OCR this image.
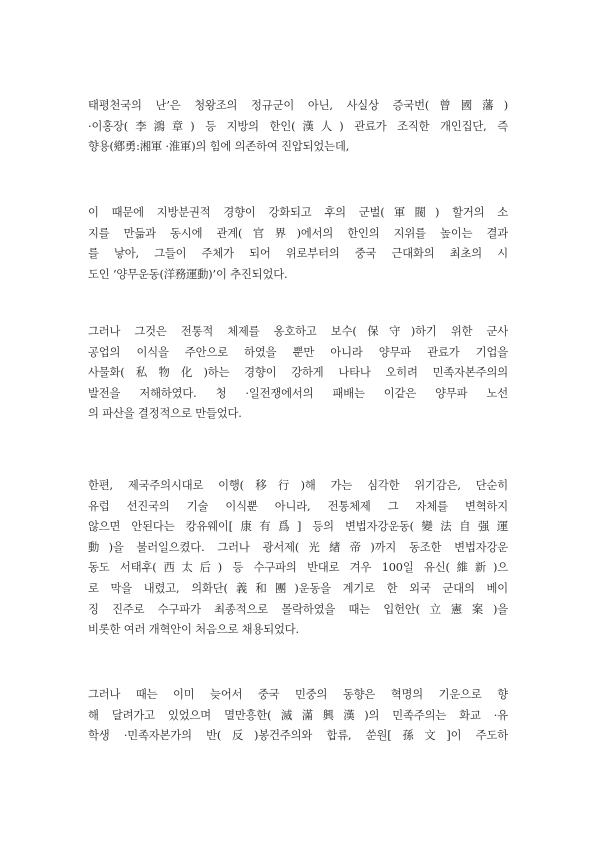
태평천국의 난’은 청왕조의 정규군이 아닌, 사실상 증국번(曾國藩)
·이홍장(李鴻章) 등 지방의 한인(漢人) 관료가 조직한 개인집단, 즉
향용(鄕勇:湘軍 ·淮軍)의 힘에 의존하여 진압되었는데,
이 때문에 지방분권적 경향이 강화되고 후의 군벌(軍閥) 할거의 소
지를 만듦과 동시에 관계(官界)에서의 한인의 지위를 높이는 결과
를 낳아, 그들이 주체가 되어 위로부터의 중국 근대화의 최초의 시
도인 ‘양무운동(洋務運動)’이 추진되었다.
그러나 그것은 전통적 체제를 옹호하고 보수(保守)하기 위한 군사
공업의 이식을 주안으로 하였을 뿐만 아니라 양무파 관료가 기업을
사물화(私物化)하는 경향이 강하게 나타나 오히려 민족자본주의의
발전을 저해하였다. 청 ·일전쟁에서의 패배는 이같은 양무파 노선
의 파산을 결정적으로 만들었다.
한편, 제국주의시대로 이행(移行)해 가는 심각한 위기감은, 단순히
유럽 선진국의 기술 이식뿐 아니라, 전통체제 그 자체를 변혁하지
않으면 안된다는 캉유웨이[康有爲] 등의 변법자강운동(變法自强運
動)을 불러일으켰다. 그러나 광서제(光緖帝)까지 동조한 변법자강운
동도 서태후(西太后) 등 수구파의 반대로 겨우 100일 유신(維新)으
로 막을 내렸고, 의화단(義和團)운동을 계기로 한 외국 군대의 베이
징 진주로 수구파가 최종적으로 몰락하였을 때는 입헌안(立憲案)을
비롯한 여러 개혁안이 처음으로 채용되었다.
그러나 때는 이미 늦어서 중국 민중의 동향은 혁명의 기운으로 향
해 달려가고 있었으며 멸만흥한(滅滿興漢)의 민족주의는 화교 ·유
학생 ·민족자본가의 반(反)봉건주의와 합류, 쑨원[孫文]이 주도하
